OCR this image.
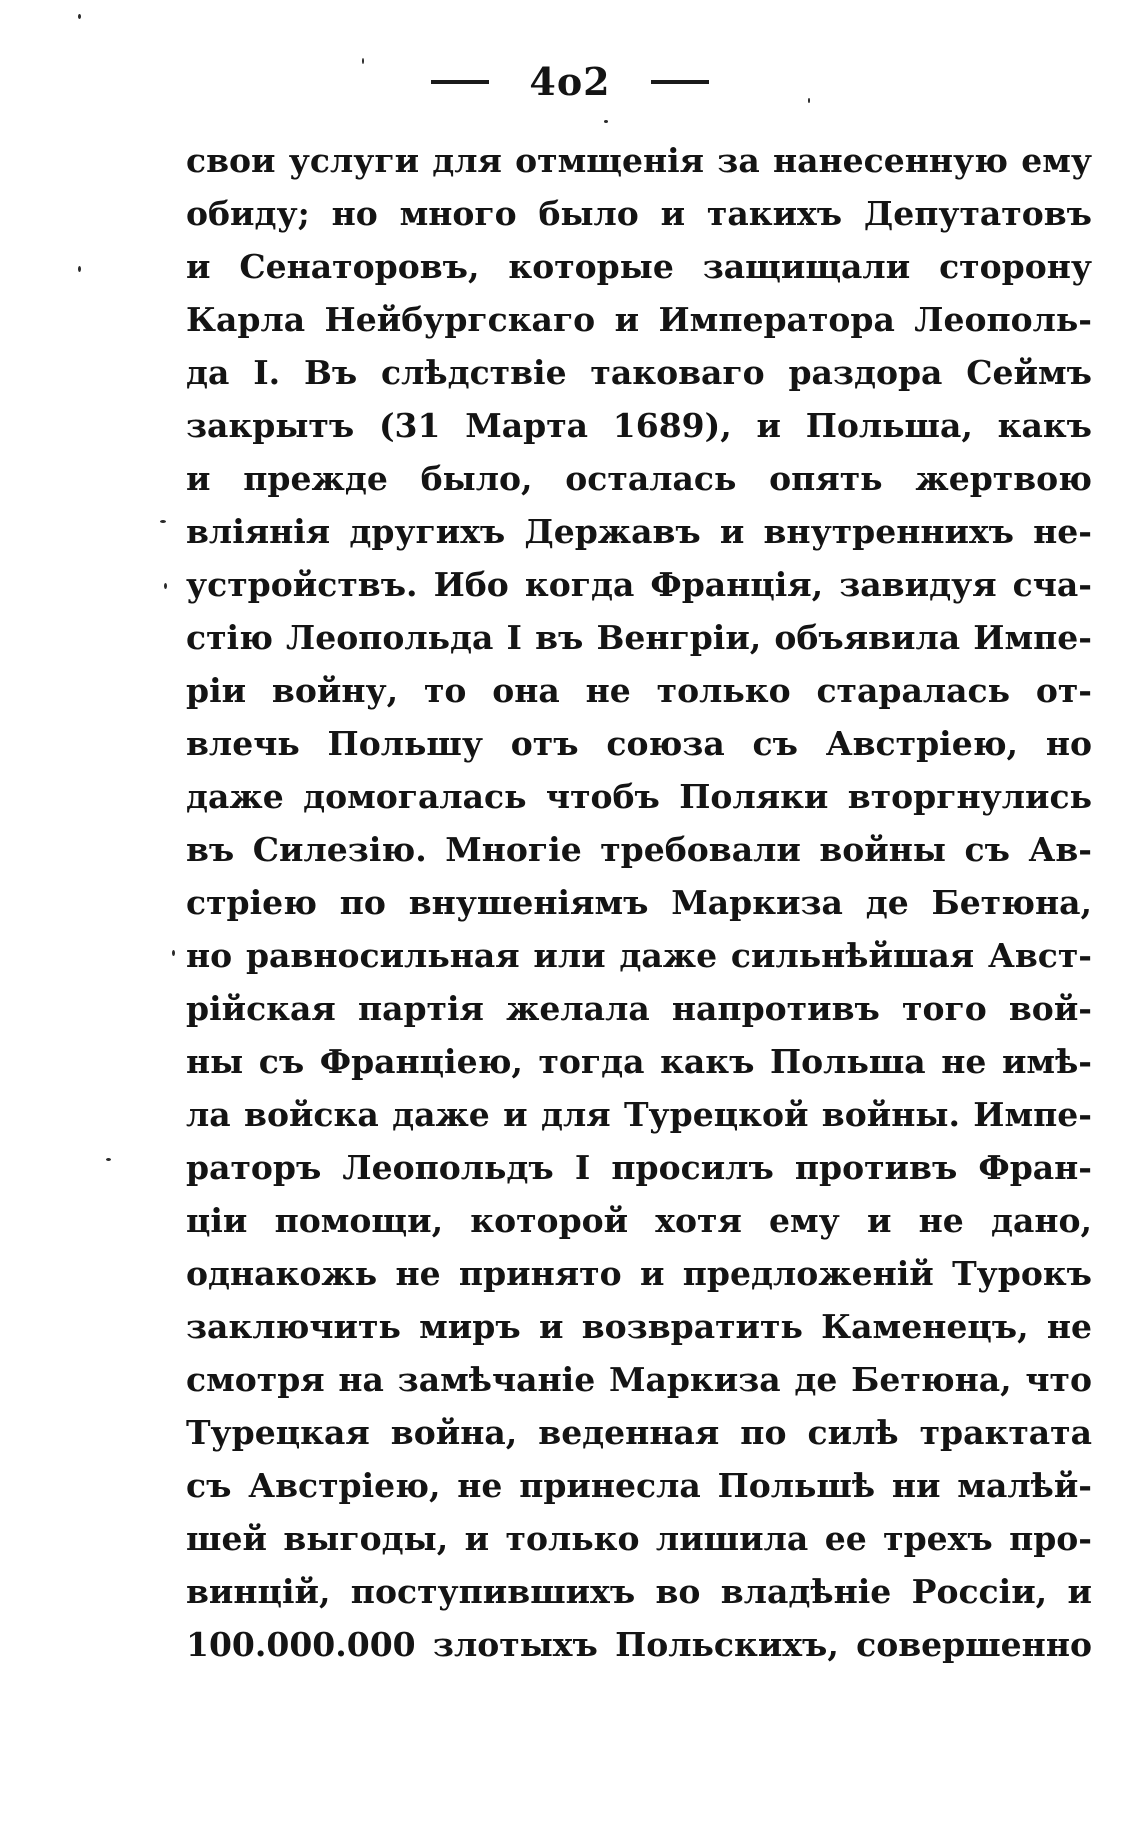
4o2
свои услуги для отмщенія за нанесенную ему
обиду; но много было и такихъ Депутатовъ
и Сенаторовъ, которые защищали сторону
Карла Нейбургскаго и Императора Леополь-
да I. Въ слѣдствіе таковаго раздора Сеймъ
закрытъ (31 Марта 1689), и Польша, какъ
и прежде было, осталась опять жертвою
вліянія другихъ Державъ и внутреннихъ не-
устройствъ. Ибо когда Франція, завидуя сча-
стію Леопольда I въ Венгріи, объявила Импе-
ріи войну, то она не только старалась от-
влечь Польшу отъ союза съ Австріею, но
даже домогалась чтобъ Поляки вторгнулись
въ Силезію. Многіе требовали войны съ Ав-
стріею по внушеніямъ Маркиза де Бетюна,
но равносильная или даже сильнѣйшая Авст-
рійская партія желала напротивъ того вой-
ны съ Франціею, тогда какъ Польша не имѣ-
ла войска даже и для Турецкой войны. Импе-
раторъ Леопольдъ I просилъ противъ Фран-
ціи помощи, которой хотя ему и не дано,
однакожь не принято и предложеній Турокъ
заключить миръ и возвратить Каменецъ, не
смотря на замѣчаніе Маркиза де Бетюна, что
Турецкая война, веденная по силѣ трактата
съ Австріею, не принесла Польшѣ ни малѣй-
шей выгоды, и только лишила ее трехъ про-
винцій, поступившихъ во владѣніе Россіи, и
100.000.000 злотыхъ Польскихъ, совершенно
